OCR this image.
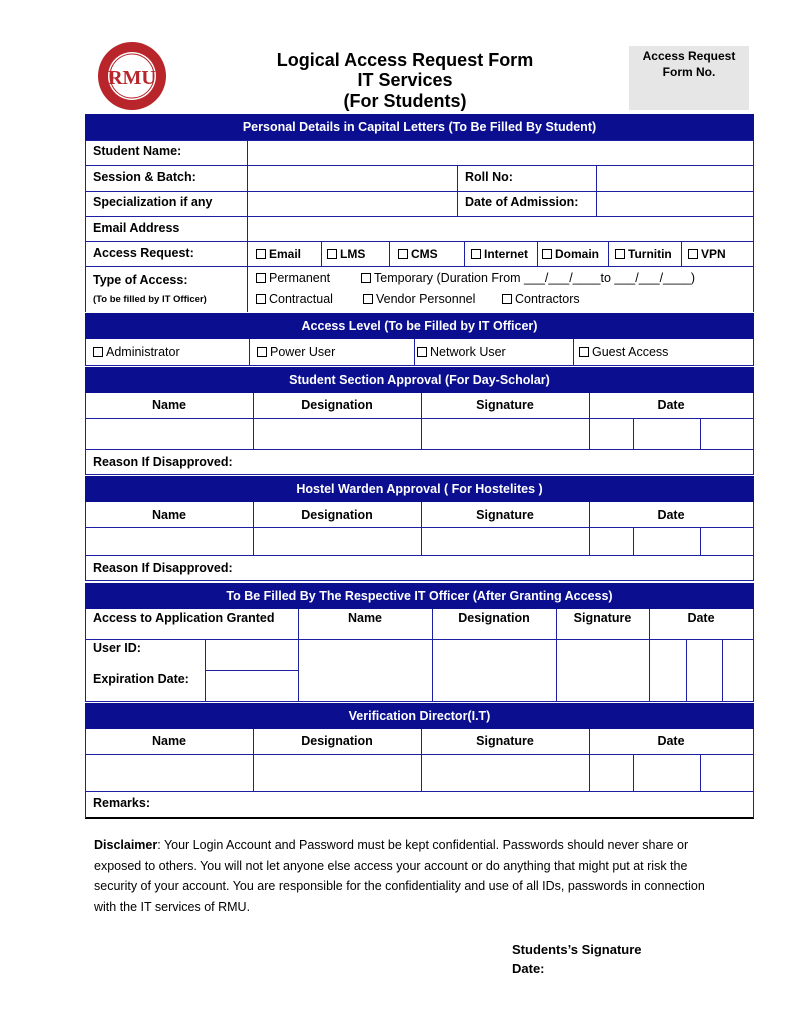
RMU
Logical Access Request Form
IT Services
(For Students)
Access Request
Form No.
Personal Details in Capital Letters (To Be Filled By Student)
Student Name:
Session & Batch:	Roll No:
Specialization if any	Date of Admission:
Email Address
Access Request:	Email	LMS	CMS	Internet	Domain	Turnitin	VPN
Type of Access:
(To be filled by IT Officer)
Permanent	Temporary (Duration From ___/___/____to ___/___/____)
Contractual	Vendor Personnel	Contractors
Access Level (To be Filled by IT Officer)
Administrator	Power User	Network User	Guest Access
Student Section Approval (For Day-Scholar)
Name	Designation	Signature	Date
Reason If Disapproved:
Hostel Warden Approval ( For Hostelites )
Name	Designation	Signature	Date
Reason If Disapproved:
To Be Filled By The Respective IT Officer (After Granting Access)
Access to Application Granted	Name	Designation	Signature	Date
User ID:
Expiration Date:
Verification Director(I.T)
Name	Designation	Signature	Date
Remarks:
Disclaimer: Your Login Account and Password must be kept confidential. Passwords should never share or exposed to others. You will not let anyone else access your account or do anything that might put at risk the security of your account. You are responsible for the confidentiality and use of all IDs, passwords in connection with the IT services of RMU.
Students’s Signature
Date:
